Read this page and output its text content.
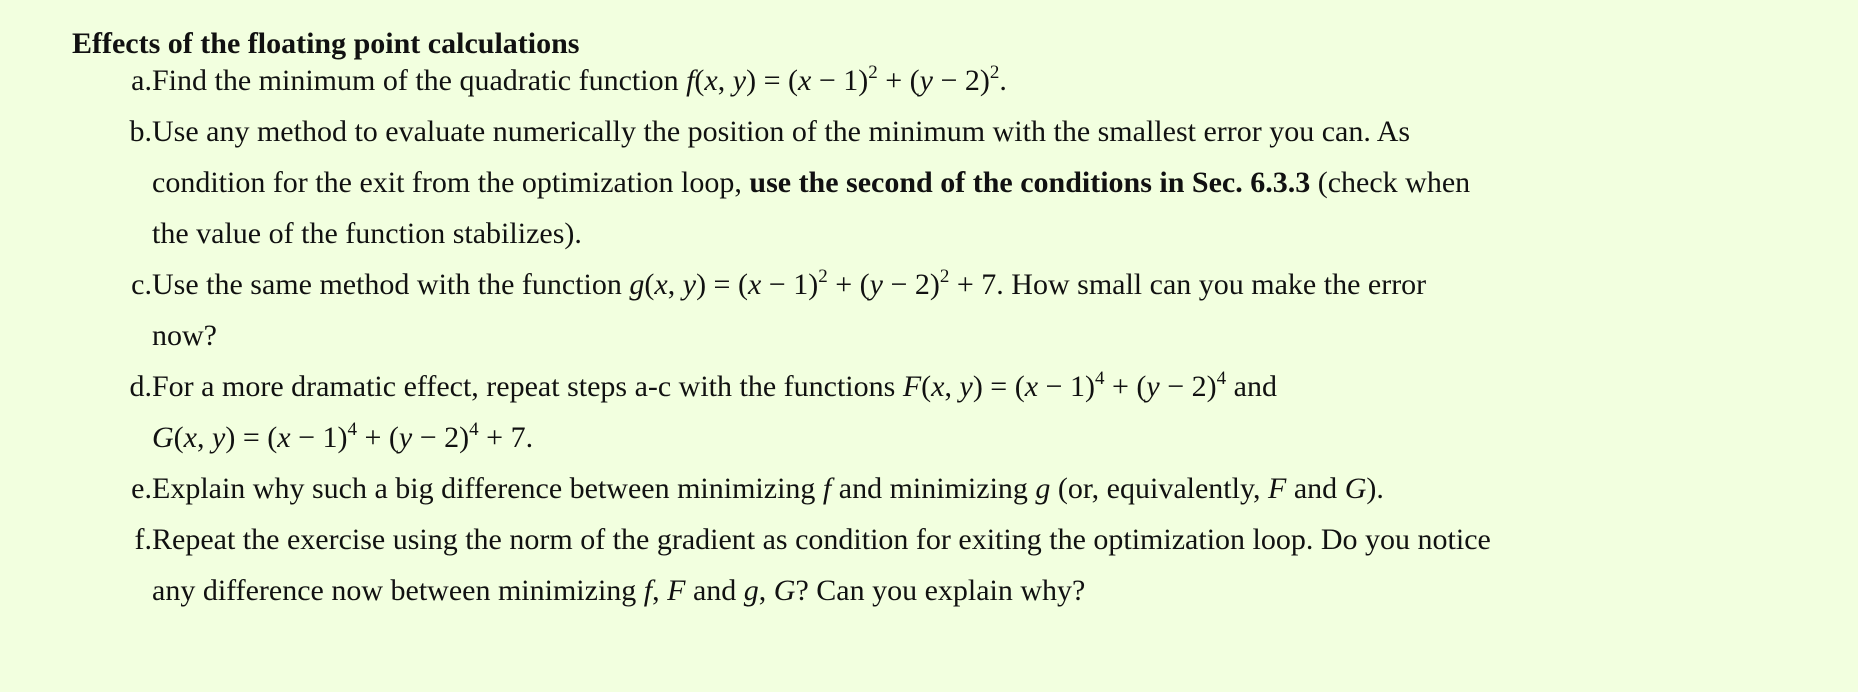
Effects of the floating point calculations
a. Find the minimum of the quadratic function f(x, $y) = (x - 1)^2 + (y - 2)^2$.
b. Use any method to evaluate numerically the position of the minimum with the smallest error you can. As
condition for the exit from the optimization loop, use the second of the conditions in Sec. 6.3.3 (check when
the value of the function stabilizes).
c. Use the same method with the function g(x, $y) = (x - 1)^2 + (y - 2)^2 + 7$. How small can you make the error
now?
d. For a more dramatic effect, repeat steps a-c with the functions F(x, $y) = (x - 1)^4 + (y - 2)^4$ and
G(x, $y) = (x - 1)^4 + (y - 2)^4 + 7$.
e. Explain why such a big difference between minimizing f and minimizing g (or, equivalently, F and G).
f. Repeat the exercise using the norm of the gradient as condition for exiting the optimization loop. Do you notice
any difference now between minimizing f, F and g, G? Can you explain why?
